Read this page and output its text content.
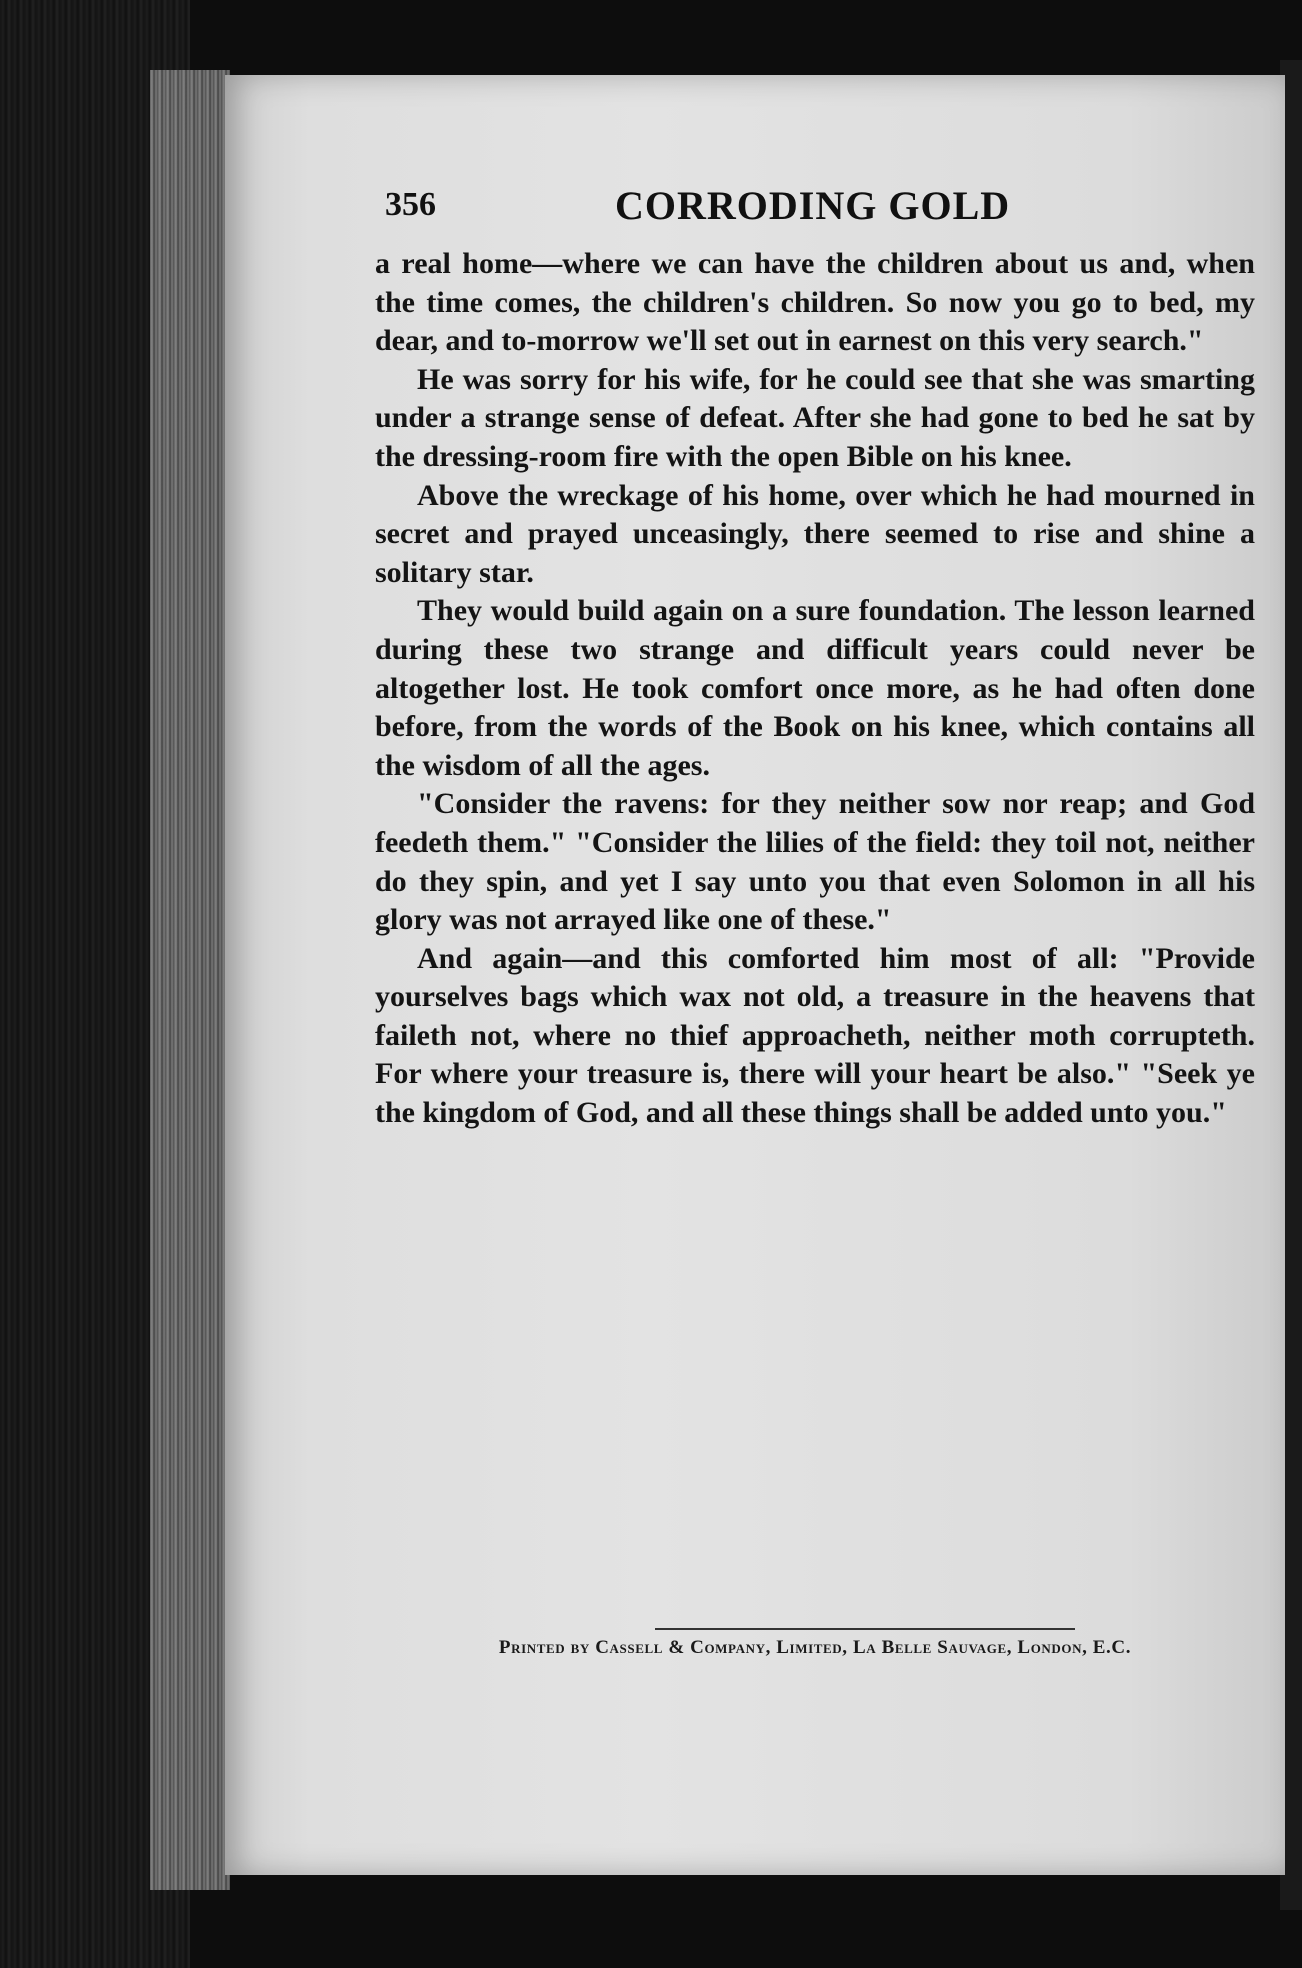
356	CORRODING GOLD

a real home—where we can have the children about us and, when the time comes, the children's children. So now you go to bed, my dear, and to-morrow we'll set out in earnest on this very search."

He was sorry for his wife, for he could see that she was smarting under a strange sense of defeat. After she had gone to bed he sat by the dressing-room fire with the open Bible on his knee.

Above the wreckage of his home, over which he had mourned in secret and prayed unceasingly, there seemed to rise and shine a solitary star.

They would build again on a sure foundation. The lesson learned during these two strange and difficult years could never be altogether lost. He took comfort once more, as he had often done before, from the words of the Book on his knee, which contains all the wisdom of all the ages.

"Consider the ravens: for they neither sow nor reap; and God feedeth them." "Consider the lilies of the field: they toil not, neither do they spin, and yet I say unto you that even Solomon in all his glory was not arrayed like one of these."

And again—and this comforted him most of all: "Provide yourselves bags which wax not old, a treasure in the heavens that faileth not, where no thief approacheth, neither moth corrupteth. For where your treasure is, there will your heart be also." "Seek ye the kingdom of God, and all these things shall be added unto you."

Printed by Cassell & Company, Limited, La Belle Sauvage, London, E.C.
